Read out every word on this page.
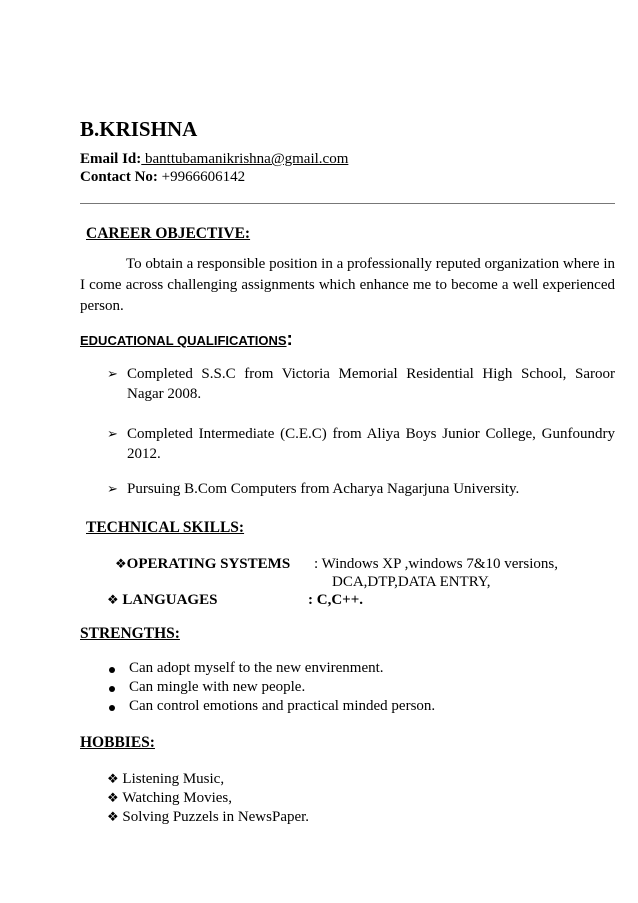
B.KRISHNA
Email Id: banttubamanikrishna@gmail.com
Contact No: +9966606142
CAREER OBJECTIVE:
To obtain a responsible position in a professionally reputed organization where in I come across challenging assignments which enhance me to become a well experienced person.
EDUCATIONAL QUALIFICATIONS:
➢ Completed S.S.C from Victoria Memorial Residential High School, Saroor Nagar 2008.
➢ Completed Intermediate (C.E.C) from Aliya Boys Junior College, Gunfoundry 2012.
➢ Pursuing B.Com Computers from Acharya Nagarjuna University.
TECHNICAL SKILLS:
❖OPERATING SYSTEMS : Windows XP ,windows 7&10 versions,
DCA,DTP,DATA ENTRY,
❖ LANGUAGES	: C,C++.
STRENGTHS:
Can adopt myself to the new envirenment.
Can mingle with new people.
Can control emotions and practical minded person.
HOBBIES:
❖ Listening Music,
❖ Watching Movies,
❖ Solving Puzzels in NewsPaper.
